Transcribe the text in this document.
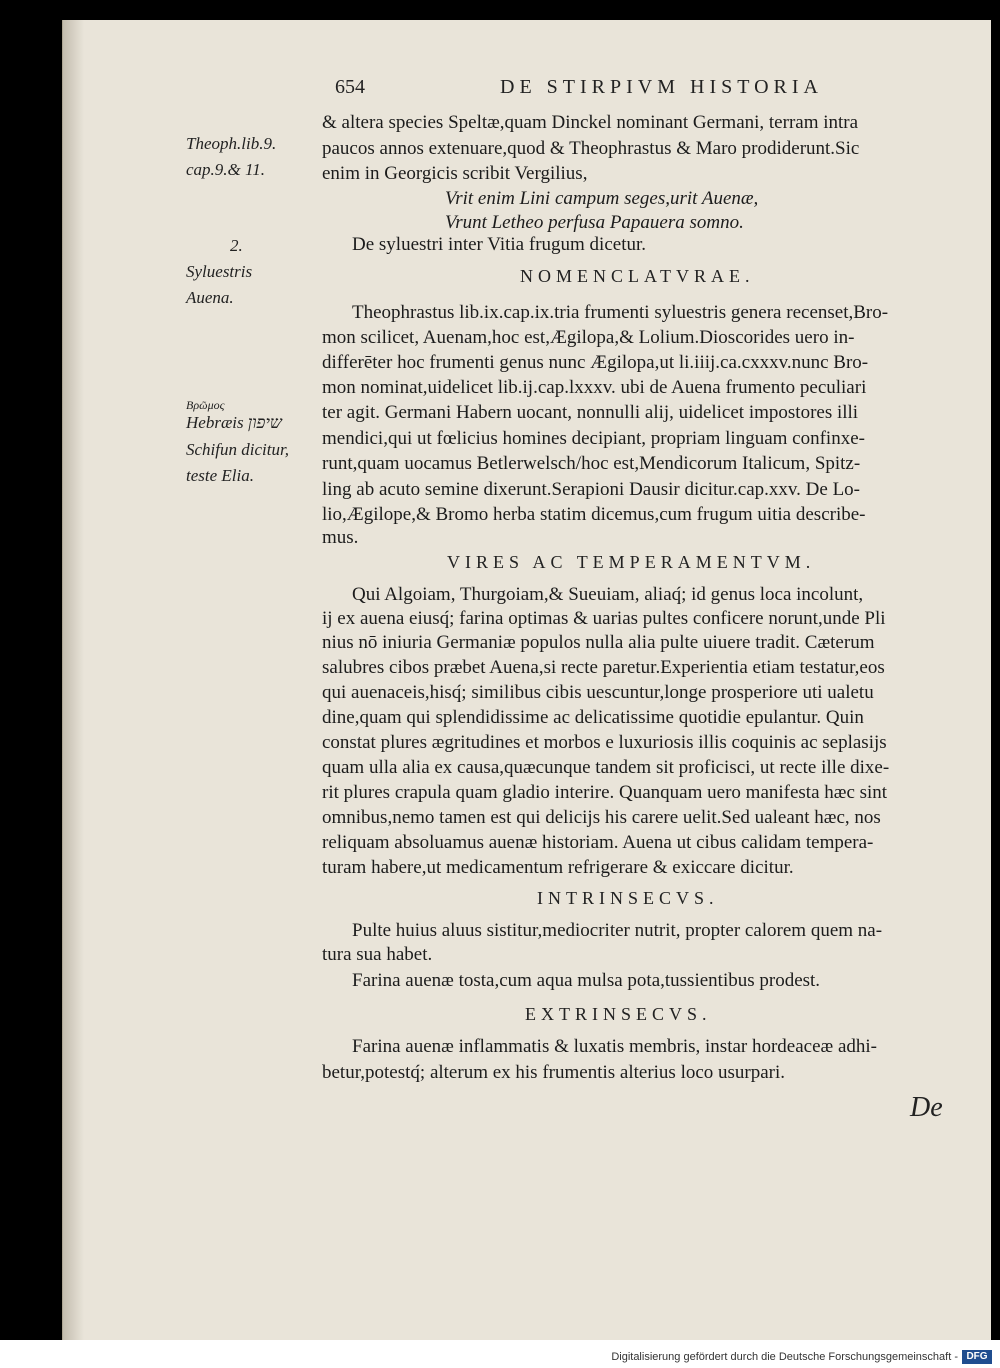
654	DE STIRPIVM HISTORIA
Theoph.lib.9.
cap.9.& 11.
2.
Syluestris
Auena.
Βρῶμος
Hebræis שיפון
Schifun dicitur,
teste Elia.
& altera species Speltæ,quam Dinckel nominant Germani, terram intra
paucos annos extenuare,quod & Theophrastus & Maro prodiderunt.Sic
enim in Georgicis scribit Vergilius,
Vrit enim Lini campum seges,urit Auenæ,
Vrunt Letheo perfusa Papauera somno.
De syluestri inter Vitia frugum dicetur.
NOMENCLATVRAE.
Theophrastus lib.ix.cap.ix.tria frumenti syluestris genera recenset,Bro-
mon scilicet, Auenam,hoc est,Ægilopa,& Lolium.Dioscorides uero in-
differēter hoc frumenti genus nunc Ægilopa,ut li.iiij.ca.cxxxv.nunc Bro-
mon nominat,uidelicet lib.ij.cap.lxxxv. ubi de Auena frumento peculiari
ter agit. Germani Habern uocant, nonnulli alij, uidelicet impostores illi
mendici,qui ut fœlicius homines decipiant, propriam linguam confinxe-
runt,quam uocamus Betlerwelsch/hoc est,Mendicorum Italicum, Spitz-
ling ab acuto semine dixerunt.Serapioni Dausir dicitur.cap.xxv. De Lo-
lio,Ægilope,& Bromo herba statim dicemus,cum frugum uitia describe-
mus.
VIRES AC TEMPERAMENTVM.
Qui Algoiam, Thurgoiam,& Sueuiam, aliaq́; id genus loca incolunt,
ij ex auena eiusq́; farina optimas & uarias pultes conficere norunt,unde Pli
nius nō iniuria Germaniæ populos nulla alia pulte uiuere tradit. Cæterum
salubres cibos præbet Auena,si recte paretur.Experientia etiam testatur,eos
qui auenaceis,hisq́; similibus cibis uescuntur,longe prosperiore uti ualetu
dine,quam qui splendidissime ac delicatissime quotidie epulantur. Quin
constat plures ægritudines et morbos e luxuriosis illis coquinis ac seplasijs
quam ulla alia ex causa,quæcunque tandem sit proficisci, ut recte ille dixe-
rit plures crapula quam gladio interire. Quanquam uero manifesta hæc sint
omnibus,nemo tamen est qui delicijs his carere uelit.Sed ualeant hæc, nos
reliquam absoluamus auenæ historiam. Auena ut cibus calidam tempera-
turam habere,ut medicamentum refrigerare & exiccare dicitur.
INTRINSECVS.
Pulte huius aluus sistitur,mediocriter nutrit, propter calorem quem na-
tura sua habet.
Farina auenæ tosta,cum aqua mulsa pota,tussientibus prodest.
EXTRINSECVS.
Farina auenæ inflammatis & luxatis membris, instar hordeaceæ adhi-
betur,potestq́; alterum ex his frumentis alterius loco usurpari.
De
Digitalisierung gefördert durch die Deutsche Forschungsgemeinschaft - DFG
